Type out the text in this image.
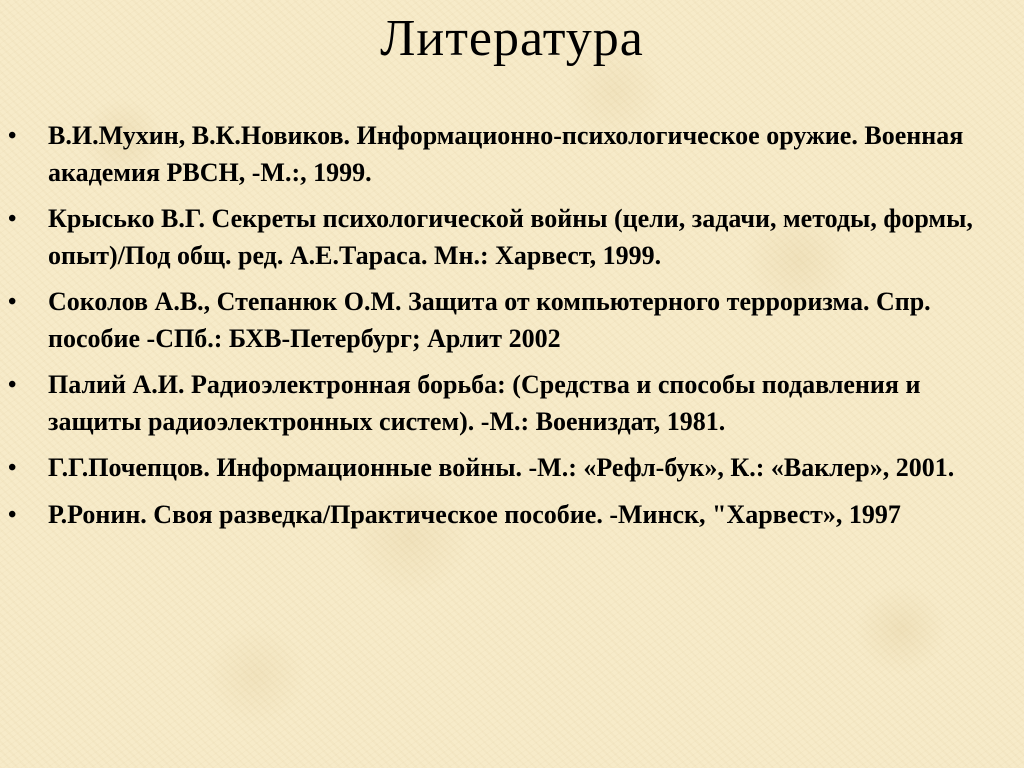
Литература
• В.И.Мухин, В.К.Новиков. Информационно-психологическое оружие. Военная академия РВСН, -М.:, 1999.
• Крысько В.Г. Секреты психологической войны (цели, задачи, методы, формы, опыт)/Под общ. ред. А.Е.Тараса. Мн.: Харвест, 1999.
• Соколов А.В., Степанюк О.М. Защита от компьютерного терроризма. Спр. пособие -СПб.: БХВ-Петербург; Арлит 2002
• Палий А.И. Радиоэлектронная борьба: (Средства и способы подавления и защиты радиоэлектронных систем). -М.: Воениздат, 1981.
• Г.Г.Почепцов. Информационные войны. -М.: «Рефл-бук», К.: «Ваклер», 2001.
• Р.Ронин. Своя разведка/Практическое пособие. -Минск, "Харвест», 1997
